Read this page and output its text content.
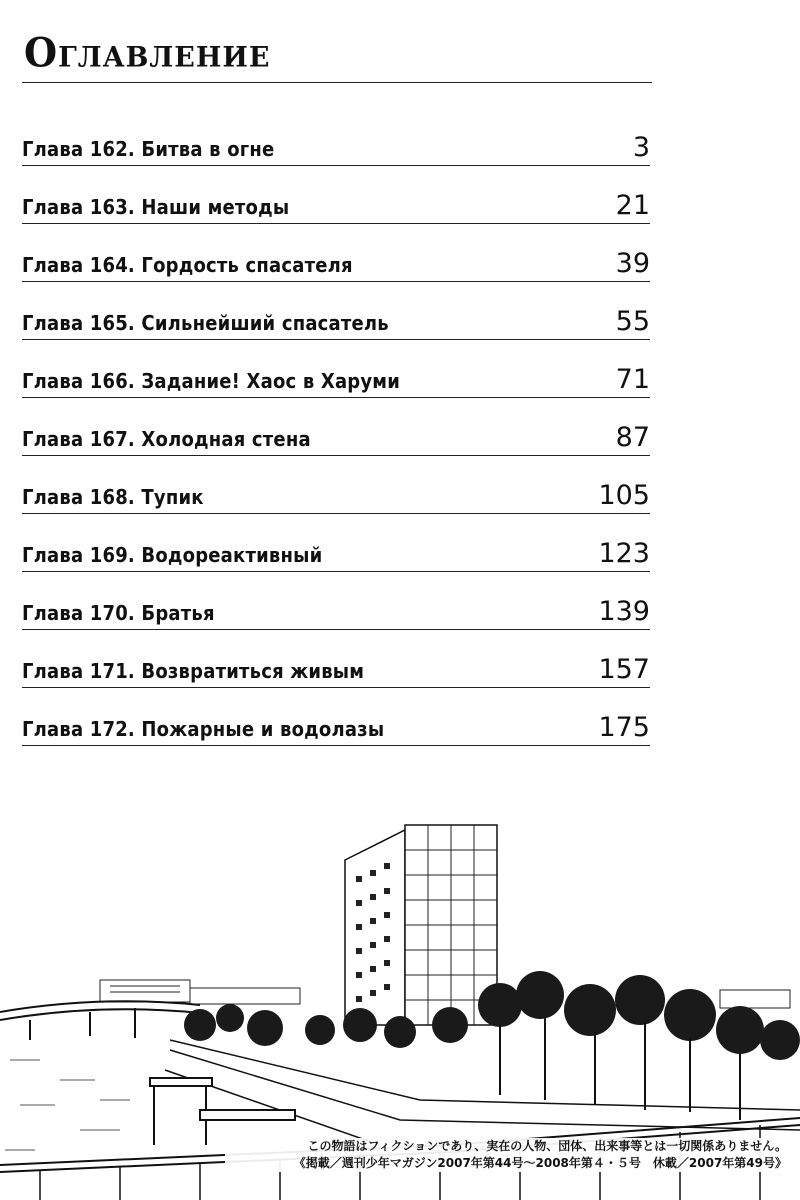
Оглавление
Глава 162. Битва в огне	3
Глава 163. Наши методы	21
Глава 164. Гордость спасателя	39
Глава 165. Сильнейший спасатель	55
Глава 166. Задание! Хаос в Харуми	71
Глава 167. Холодная стена	87
Глава 168. Тупик	105
Глава 169. Водореактивный	123
Глава 170. Братья	139
Глава 171. Возвратиться живым	157
Глава 172. Пожарные и водолазы	175
この物語はフィクションであり、実在の人物、団体、出来事等とは一切関係ありません。
《掲載／週刊少年マガジン2007年第44号～2008年第４・５号　休載／2007年第49号》
